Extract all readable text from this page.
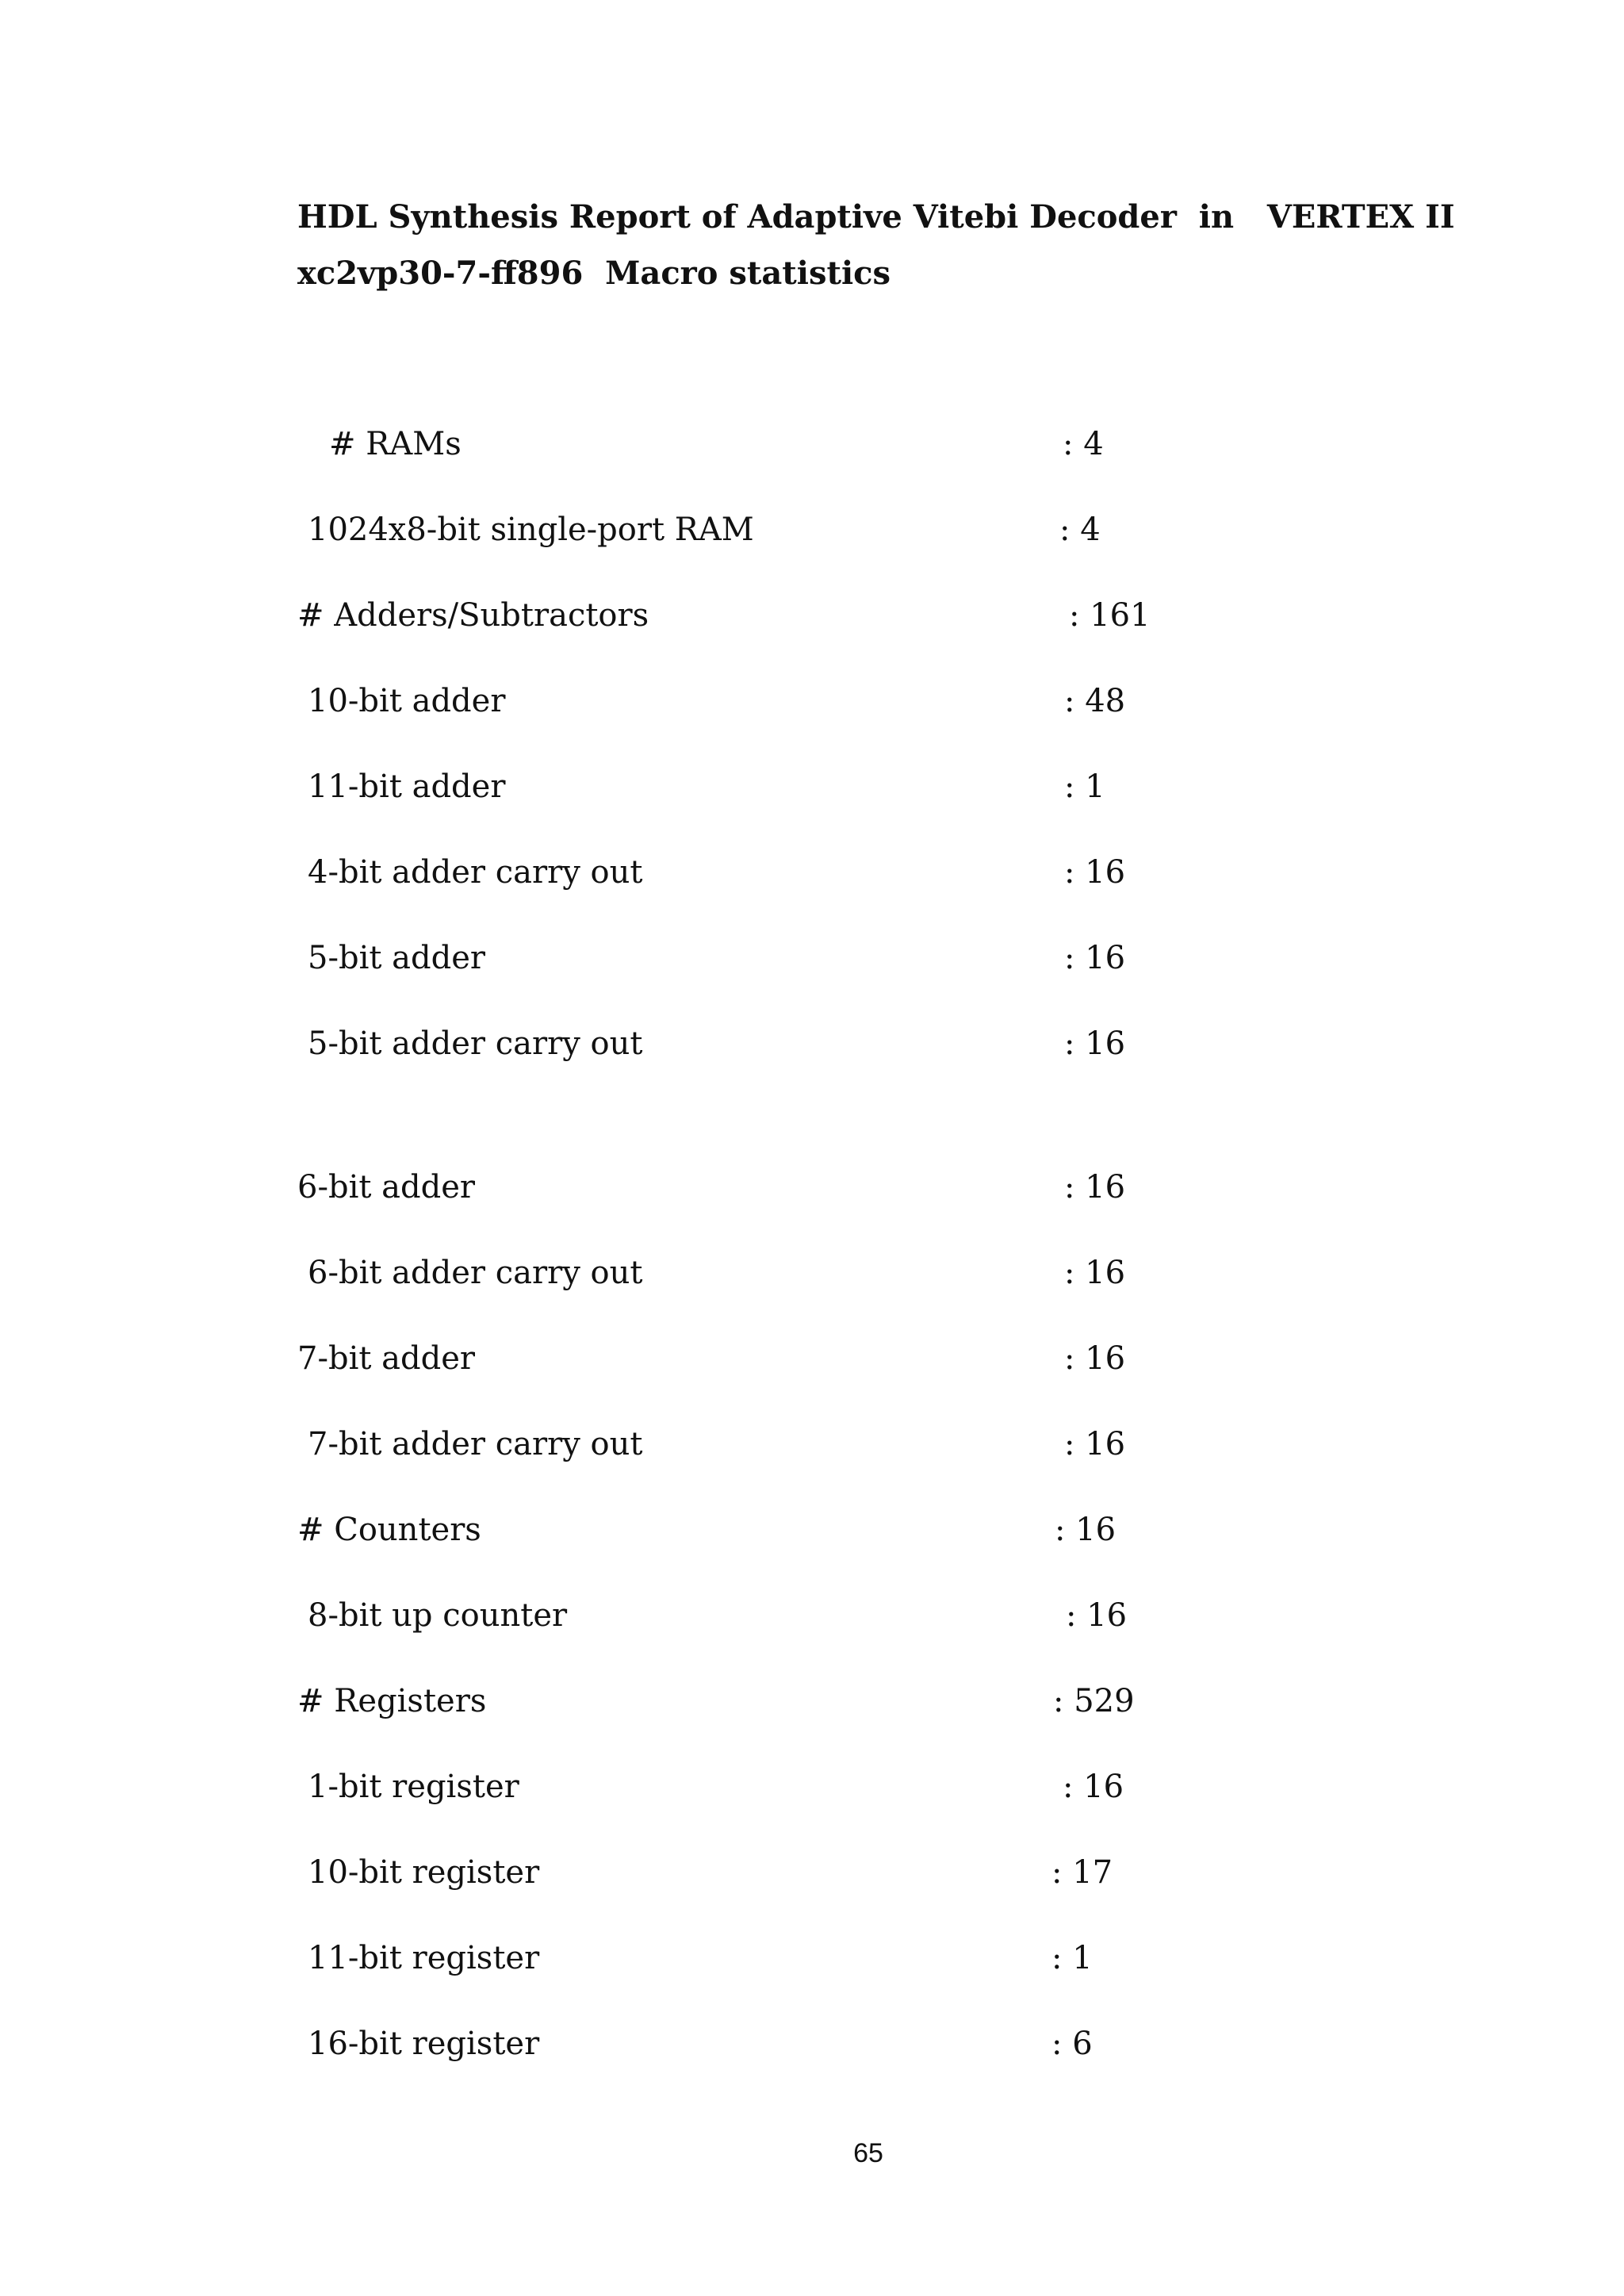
HDL Synthesis Report of Adaptive Vitebi Decoder  in   VERTEX II
xc2vp30-7-ff896  Macro statistics
# RAMs	: 4
1024x8-bit single-port RAM	: 4
# Adders/Subtractors	: 161
10-bit adder	: 48
11-bit adder	: 1
4-bit adder carry out	: 16
5-bit adder	: 16
5-bit adder carry out	: 16
6-bit adder	: 16
6-bit adder carry out	: 16
7-bit adder	: 16
7-bit adder carry out	: 16
# Counters	: 16
8-bit up counter	: 16
# Registers	: 529
1-bit register	: 16
10-bit register	: 17
11-bit register	: 1
16-bit register	: 6
65
